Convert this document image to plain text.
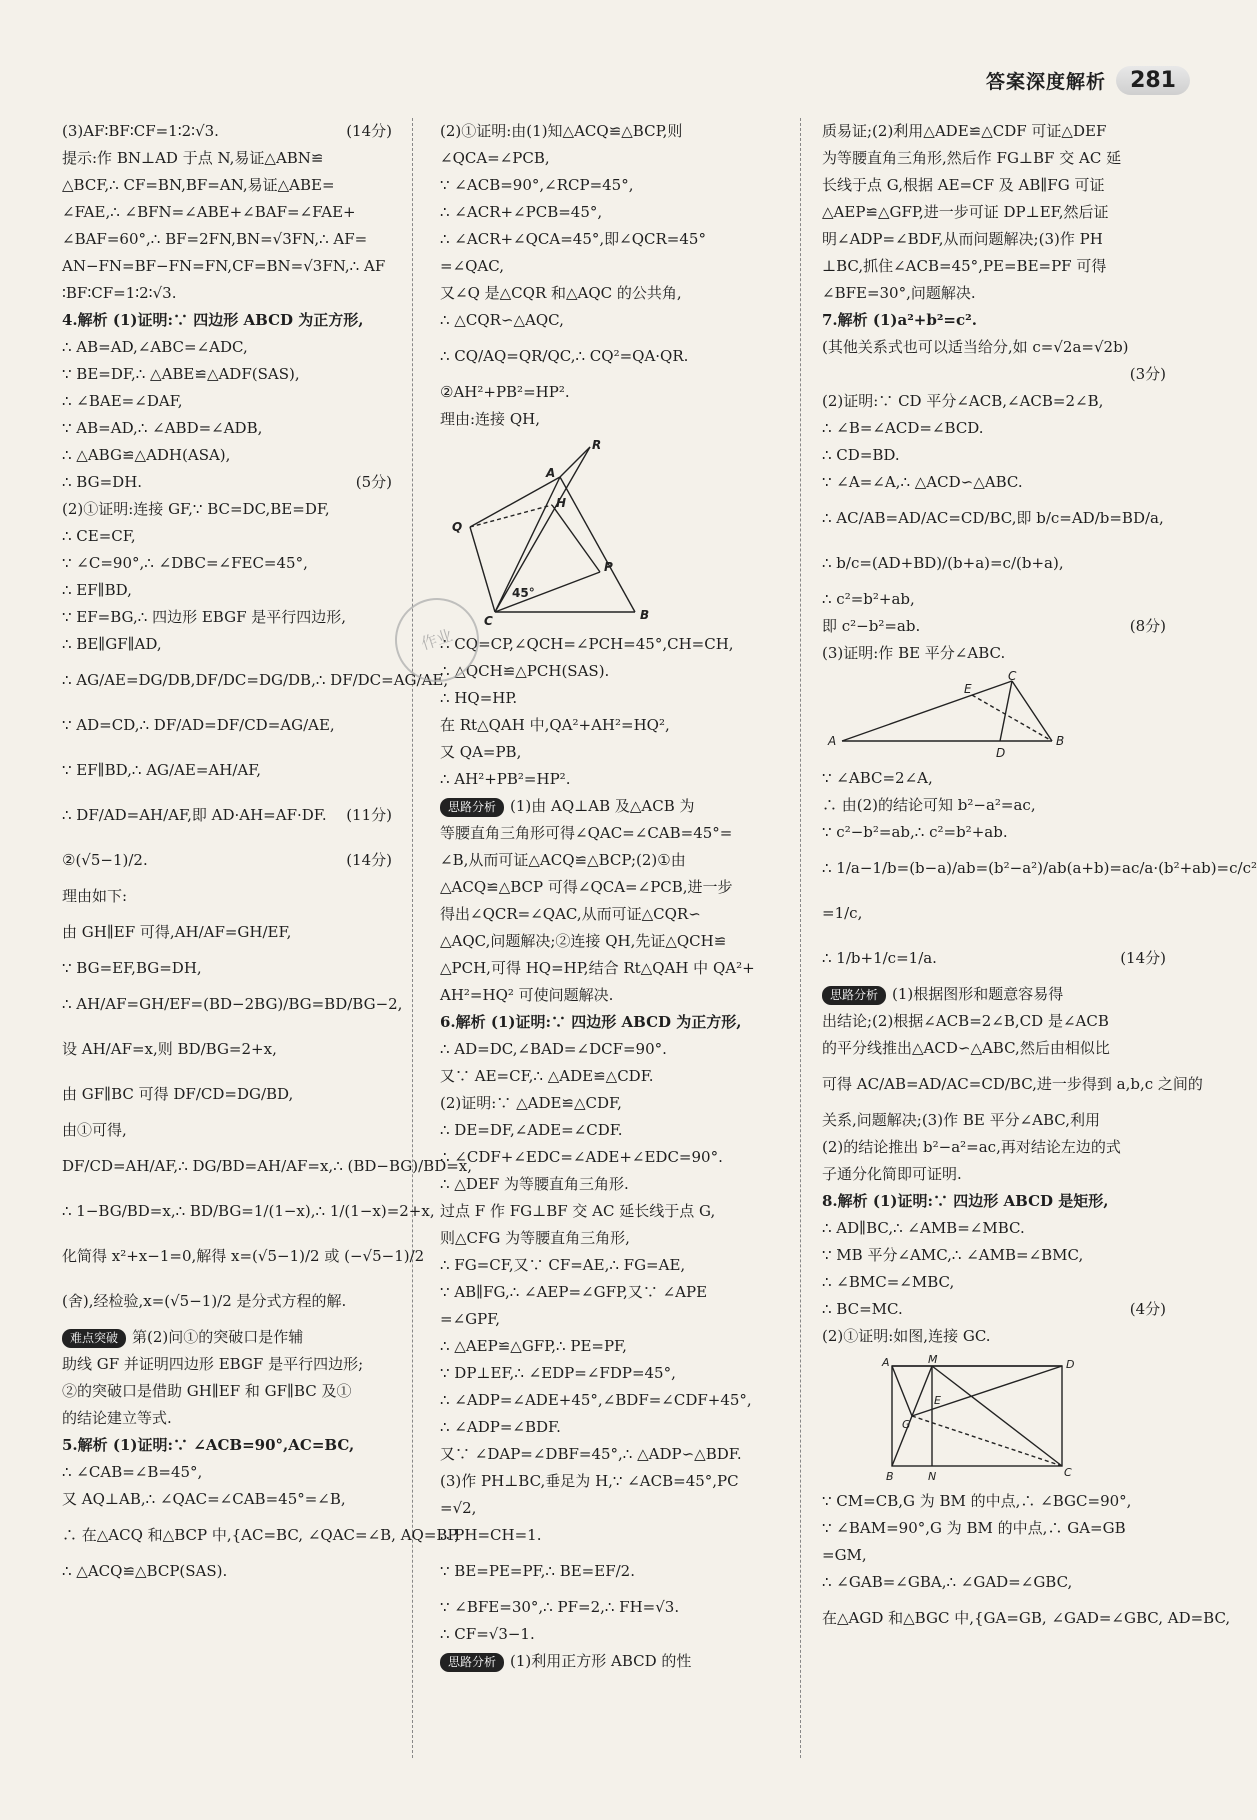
答案深度解析	281
(3)AF∶BF∶CF=1∶2∶√3.	(14分)
提示:作 BN⊥AD 于点 N,易证△ABN≌
△BCF,∴ CF=BN,BF=AN,易证△ABE=
∠FAE,∴ ∠BFN=∠ABE+∠BAF=∠FAE+
∠BAF=60°,∴ BF=2FN,BN=√3FN,∴ AF=
AN−FN=BF−FN=FN,CF=BN=√3FN,∴ AF
∶BF∶CF=1∶2∶√3.
4.解析 (1)证明:∵ 四边形 ABCD 为正方形,
∴ AB=AD,∠ABC=∠ADC,
∵ BE=DF,∴ △ABE≌△ADF(SAS),
∴ ∠BAE=∠DAF,
∵ AB=AD,∴ ∠ABD=∠ADB,
∴ △ABG≌△ADH(ASA),
∴ BG=DH.	(5分)
(2)①证明:连接 GF,∵ BC=DC,BE=DF,
∴ CE=CF,
∵ ∠C=90°,∴ ∠DBC=∠FEC=45°,
∴ EF∥BD,
∵ EF=BG,∴ 四边形 EBGF 是平行四边形,
∴ BE∥GF∥AD,
∴ AG/AE=DG/DB,DF/DC=DG/DB,∴ DF/DC=AG/AE,
∵ AD=CD,∴ DF/AD=DF/CD=AG/AE,
∵ EF∥BD,∴ AG/AE=AH/AF,
∴ DF/AD=AH/AF,即 AD·AH=AF·DF. (11分)
②(√5−1)/2.	(14分)
理由如下:
由 GH∥EF 可得,AH/AF=GH/EF,
∵ BG=EF,BG=DH,
∴ AH/AF=GH/EF=(BD−2BG)/BG=BD/BG−2,
设 AH/AF=x,则 BD/BG=2+x,
由 GF∥BC 可得 DF/CD=DG/BD,
由①可得,
DF/CD=AH/AF,∴ DG/BD=AH/AF=x,∴ (BD−BG)/BD=x,
∴ 1−BG/BD=x,∴ BD/BG=1/(1−x),∴ 1/(1−x)=2+x,
化简得 x²+x−1=0,解得 x=(√5−1)/2 或 (−√5−1)/2
(舍),经检验,x=(√5−1)/2 是分式方程的解.
难点突破 第(2)问①的突破口是作辅
助线 GF 并证明四边形 EBGF 是平行四边形;
②的突破口是借助 GH∥EF 和 GF∥BC 及①
的结论建立等式.
5.解析 (1)证明:∵ ∠ACB=90°,AC=BC,
∴ ∠CAB=∠B=45°,
又 AQ⊥AB,∴ ∠QAC=∠CAB=45°=∠B,
∴ 在△ACQ 和△BCP 中,{AC=BC, ∠QAC=∠B, AQ=BP,
∴ △ACQ≌△BCP(SAS).
(2)①证明:由(1)知△ACQ≌△BCP,则
∠QCA=∠PCB,
∵ ∠ACB=90°,∠RCP=45°,
∴ ∠ACR+∠PCB=45°,
∴ ∠ACR+∠QCA=45°,即∠QCR=45°
=∠QAC,
又∠Q 是△CQR 和△AQC 的公共角,
∴ △CQR∽△AQC,
∴ CQ/AQ=QR/QC,∴ CQ²=QA·QR.
②AH²+PB²=HP².
理由:连接 QH,
R
A
H
Q
P
45°
C	B
∴ CQ=CP,∠QCH=∠PCH=45°,CH=CH,
∴ △QCH≌△PCH(SAS).
∴ HQ=HP.
在 Rt△QAH 中,QA²+AH²=HQ²,
又 QA=PB,
∴ AH²+PB²=HP².
思路分析 (1)由 AQ⊥AB 及△ACB 为
等腰直角三角形可得∠QAC=∠CAB=45°=
∠B,从而可证△ACQ≌△BCP;(2)①由
△ACQ≌△BCP 可得∠QCA=∠PCB,进一步
得出∠QCR=∠QAC,从而可证△CQR∽
△AQC,问题解决;②连接 QH,先证△QCH≌
△PCH,可得 HQ=HP,结合 Rt△QAH 中 QA²+
AH²=HQ² 可使问题解决.
6.解析 (1)证明:∵ 四边形 ABCD 为正方形,
∴ AD=DC,∠BAD=∠DCF=90°.
又∵ AE=CF,∴ △ADE≌△CDF.
(2)证明:∵ △ADE≌△CDF,
∴ DE=DF,∠ADE=∠CDF.
∴ ∠CDF+∠EDC=∠ADE+∠EDC=90°.
∴ △DEF 为等腰直角三角形.
过点 F 作 FG⊥BF 交 AC 延长线于点 G,
则△CFG 为等腰直角三角形,
∴ FG=CF,又∵ CF=AE,∴ FG=AE,
∵ AB∥FG,∴ ∠AEP=∠GFP,又∵ ∠APE
=∠GPF,
∴ △AEP≌△GFP,∴ PE=PF,
∵ DP⊥EF,∴ ∠EDP=∠FDP=45°,
∴ ∠ADP=∠ADE+45°,∠BDF=∠CDF+45°,
∴ ∠ADP=∠BDF.
又∵ ∠DAP=∠DBF=45°,∴ △ADP∽△BDF.
(3)作 PH⊥BC,垂足为 H,∵ ∠ACB=45°,PC
=√2,
∴ PH=CH=1.
∵ BE=PE=PF,∴ BE=EF/2.
∵ ∠BFE=30°,∴ PF=2,∴ FH=√3.
∴ CF=√3−1.
思路分析 (1)利用正方形 ABCD 的性
质易证;(2)利用△ADE≌△CDF 可证△DEF
为等腰直角三角形,然后作 FG⊥BF 交 AC 延
长线于点 G,根据 AE=CF 及 AB∥FG 可证
△AEP≌△GFP,进一步可证 DP⊥EF,然后证
明∠ADP=∠BDF,从而问题解决;(3)作 PH
⊥BC,抓住∠ACB=45°,PE=BE=PF 可得
∠BFE=30°,问题解决.
7.解析 (1)a²+b²=c².
(其他关系式也可以适当给分,如 c=√2a=√2b)
(3分)
(2)证明:∵ CD 平分∠ACB,∠ACB=2∠B,
∴ ∠B=∠ACD=∠BCD.
∴ CD=BD.
∵ ∠A=∠A,∴ △ACD∽△ABC.
∴ AC/AB=AD/AC=CD/BC,即 b/c=AD/b=BD/a,
∴ b/c=(AD+BD)/(b+a)=c/(b+a),
∴ c²=b²+ab,
即 c²−b²=ab.	(8分)
(3)证明:作 BE 平分∠ABC.
C
E
A
D
B
∵ ∠ABC=2∠A,
∴ 由(2)的结论可知 b²−a²=ac,
∵ c²−b²=ab,∴ c²=b²+ab.
∴ 1/a−1/b=(b−a)/ab=(b²−a²)/ab(a+b)=ac/a·(b²+ab)=c/c²
=1/c,
∴ 1/b+1/c=1/a.	(14分)
思路分析 (1)根据图形和题意容易得
出结论;(2)根据∠ACB=2∠B,CD 是∠ACB
的平分线推出△ACD∽△ABC,然后由相似比
可得 AC/AB=AD/AC=CD/BC,进一步得到 a,b,c 之间的
关系,问题解决;(3)作 BE 平分∠ABC,利用
(2)的结论推出 b²−a²=ac,再对结论左边的式
子通分化简即可证明.
8.解析 (1)证明:∵ 四边形 ABCD 是矩形,
∴ AD∥BC,∴ ∠AMB=∠MBC.
∵ MB 平分∠AMC,∴ ∠AMB=∠BMC,
∴ ∠BMC=∠MBC,
∴ BC=MC.	(4分)
(2)①证明:如图,连接 GC.
A	M	D
E
G
B	N	C
∵ CM=CB,G 为 BM 的中点,∴ ∠BGC=90°,
∵ ∠BAM=90°,G 为 BM 的中点,∴ GA=GB
=GM,
∴ ∠GAB=∠GBA,∴ ∠GAD=∠GBC,
在△AGD 和△BGC 中,{GA=GB, ∠GAD=∠GBC, AD=BC,
作业
